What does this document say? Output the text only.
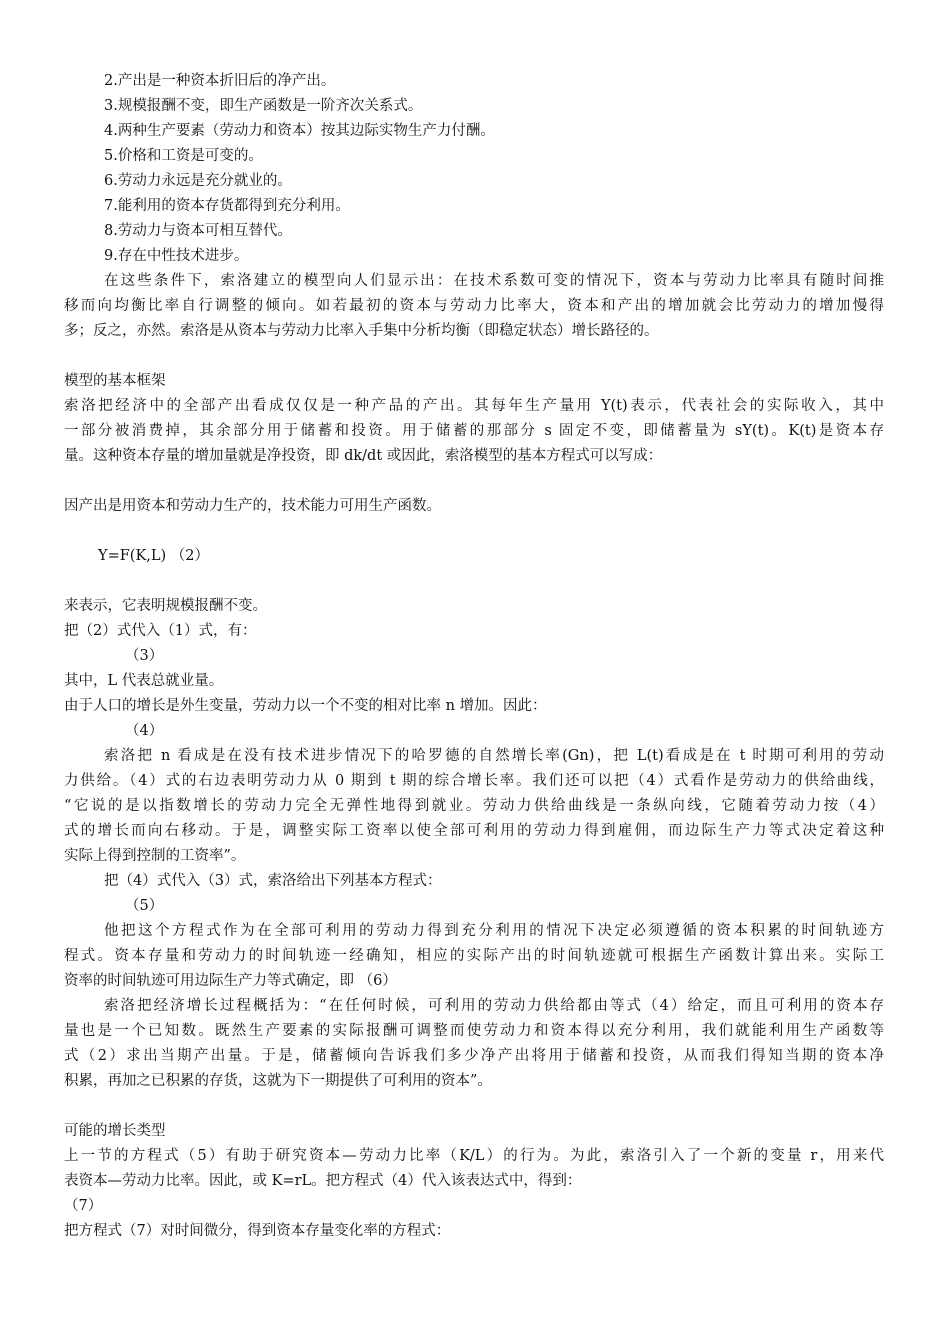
2.产出是一种资本折旧后的净产出。
3.规模报酬不变，即生产函数是一阶齐次关系式。
4.两种生产要素（劳动力和资本）按其边际实物生产力付酬。
5.价格和工资是可变的。
6.劳动力永远是充分就业的。
7.能利用的资本存货都得到充分利用。
8.劳动力与资本可相互替代。
9.存在中性技术进步。
在这些条件下，索洛建立的模型向人们显示出：在技术系数可变的情况下，资本与劳动力比率具有随时间推
移而向均衡比率自行调整的倾向。如若最初的资本与劳动力比率大，资本和产出的增加就会比劳动力的增加慢得
多；反之，亦然。索洛是从资本与劳动力比率入手集中分析均衡（即稳定状态）增长路径的。
模型的基本框架
索洛把经济中的全部产出看成仅仅是一种产品的产出。其每年生产量用 Y(t)表示，代表社会的实际收入，其中
一部分被消费掉，其余部分用于储蓄和投资。用于储蓄的那部分 s 固定不变，即储蓄量为 sY(t)。K(t)是资本存
量。这种资本存量的增加量就是净投资，即 dk/dt 或因此，索洛模型的基本方程式可以写成：
因产出是用资本和劳动力生产的，技术能力可用生产函数。
Y=F(K,L) （2）
来表示，它表明规模报酬不变。
把（2）式代入（1）式，有：
（3）
其中，L 代表总就业量。
由于人口的增长是外生变量，劳动力以一个不变的相对比率 n 增加。因此：
（4）
索洛把 n 看成是在没有技术进步情况下的哈罗德的自然增长率(Gn)，把 L(t)看成是在 t 时期可利用的劳动
力供给。（4）式的右边表明劳动力从 0 期到 t 期的综合增长率。我们还可以把（4）式看作是劳动力的供给曲线，
“它说的是以指数增长的劳动力完全无弹性地得到就业。劳动力供给曲线是一条纵向线，它随着劳动力按（4）
式的增长而向右移动。于是，调整实际工资率以使全部可利用的劳动力得到雇佣，而边际生产力等式决定着这种
实际上得到控制的工资率”。
把（4）式代入（3）式，索洛给出下列基本方程式：
（5）
他把这个方程式作为在全部可利用的劳动力得到充分利用的情况下决定必须遵循的资本积累的时间轨迹方
程式。资本存量和劳动力的时间轨迹一经确知，相应的实际产出的时间轨迹就可根据生产函数计算出来。实际工
资率的时间轨迹可用边际生产力等式确定，即 （6）
索洛把经济增长过程概括为：“在任何时候，可利用的劳动力供给都由等式（4）给定，而且可利用的资本存
量也是一个已知数。既然生产要素的实际报酬可调整而使劳动力和资本得以充分利用，我们就能利用生产函数等
式（2）求出当期产出量。于是，储蓄倾向告诉我们多少净产出将用于储蓄和投资，从而我们得知当期的资本净
积累，再加之已积累的存货，这就为下一期提供了可利用的资本”。
可能的增长类型
上一节的方程式（5）有助于研究资本—劳动力比率（K/L）的行为。为此，索洛引入了一个新的变量 r，用来代
表资本—劳动力比率。因此，或 K=rL。把方程式（4）代入该表达式中，得到：
（7）
把方程式（7）对时间微分，得到资本存量变化率的方程式：
